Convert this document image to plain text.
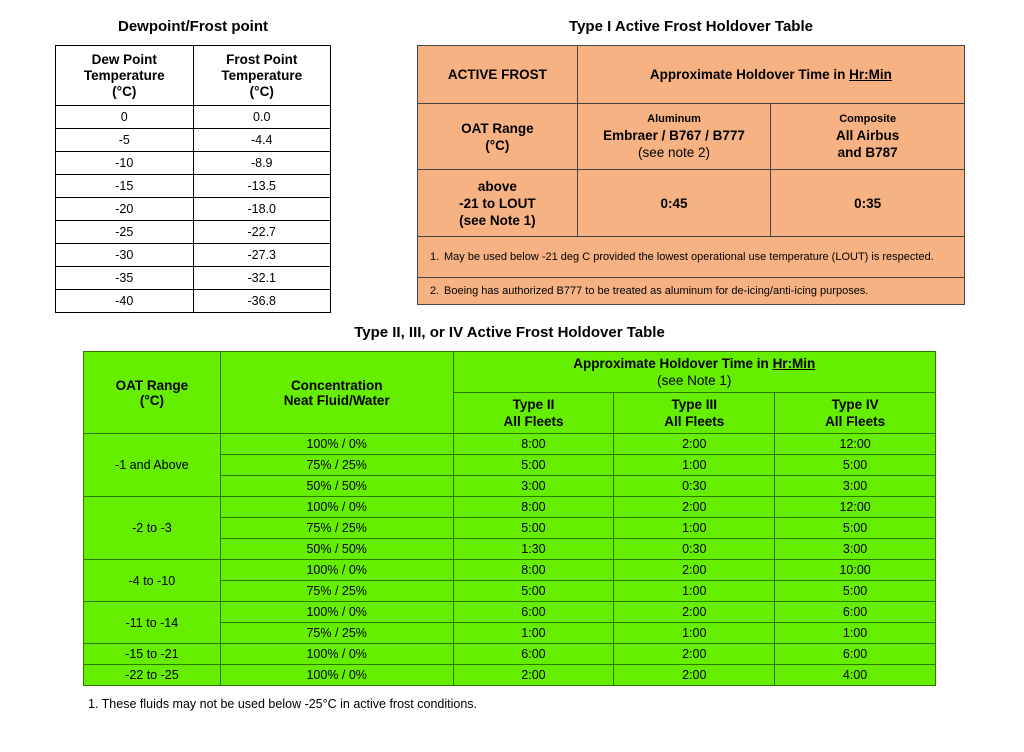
Dewpoint/Frost point	Type I Active Frost Holdover Table
Type II, III, or IV Active Frost Holdover Table
Dew Point
Temperature
(°C)	Frost Point
Temperature
(°C)
0	0.0
-5	-4.4
-10	-8.9
-15	-13.5
-20	-18.0
-25	-22.7
-30	-27.3
-35	-32.1
-40	-36.8
ACTIVE FROST	Approximate Holdover Time in Hr:Min	

OAT Range
(°C)	Aluminum
Embraer / B767 / B777
(see note 2)	Composite
All Airbus
and B787

above
-21 to LOUT
(see Note 1)	0:45	0:35

1. May be used below -21 deg C provided the lowest operational use temperature (LOUT) is respected.		

2. Boeing has authorized B777 to be treated as aluminum for de-icing/anti-icing purposes.		
OAT Range
(°C)	Concentration
Neat Fluid/Water	Approximate Holdover Time in Hr:Min
(see Note 1)		
		Type II
All Fleets	Type III
All Fleets	Type IV
All Fleets
-1 and Above	100% / 0%	8:00	2:00	12:00
	75% / 25%	5:00	1:00	5:00
	50% / 50%	3:00	0:30	3:00
-2 to -3	100% / 0%	8:00	2:00	12:00
	75% / 25%	5:00	1:00	5:00
	50% / 50%	1:30	0:30	3:00
-4 to -10	100% / 0%	8:00	2:00	10:00
	75% / 25%	5:00	1:00	5:00
-11 to -14	100% / 0%	6:00	2:00	6:00
	75% / 25%	1:00	1:00	1:00
-15 to -21	100% / 0%	6:00	2:00	6:00
-22 to -25	100% / 0%	2:00	2:00	4:00
1. These fluids may not be used below -25°C in active frost conditions.
